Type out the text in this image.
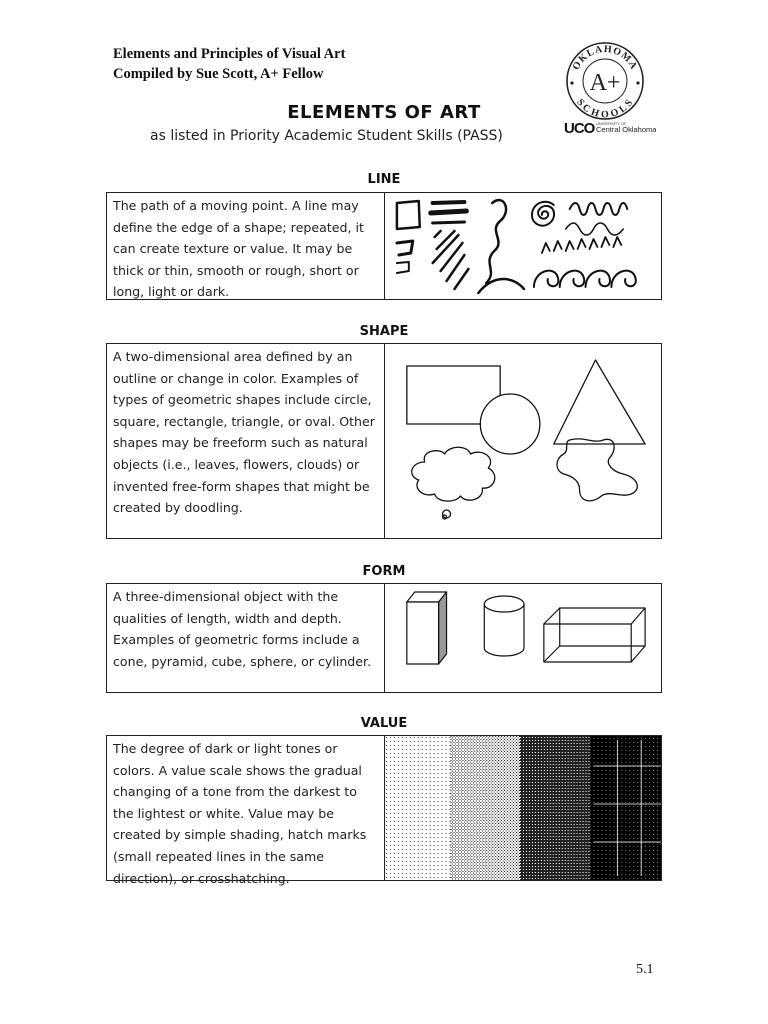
Elements and Principles of Visual Art
Compiled by Sue Scott, A+ Fellow
OKLAHOMA
SCHOOLS
A+
UCO UNIVERSITY OF
Central Oklahoma
ELEMENTS OF ART
as listed in Priority Academic Student Skills (PASS)
LINE
The path of a moving point. A line may define the edge of a shape; repeated, it can create texture or value. It may be thick or thin, smooth or rough, short or long, light or dark.
SHAPE
A two-dimensional area defined by an outline or change in color. Examples of types of geometric shapes include circle, square, rectangle, triangle, or oval. Other shapes may be freeform such as natural objects (i.e., leaves, flowers, clouds) or invented free-form shapes that might be created by doodling.
FORM
A three-dimensional object with the qualities of length, width and depth. Examples of geometric forms include a cone, pyramid, cube, sphere, or cylinder.
VALUE
The degree of dark or light tones or colors. A value scale shows the gradual changing of a tone from the darkest to the lightest or white. Value may be created by simple shading, hatch marks (small repeated lines in the same direction), or crosshatching.
5.1
